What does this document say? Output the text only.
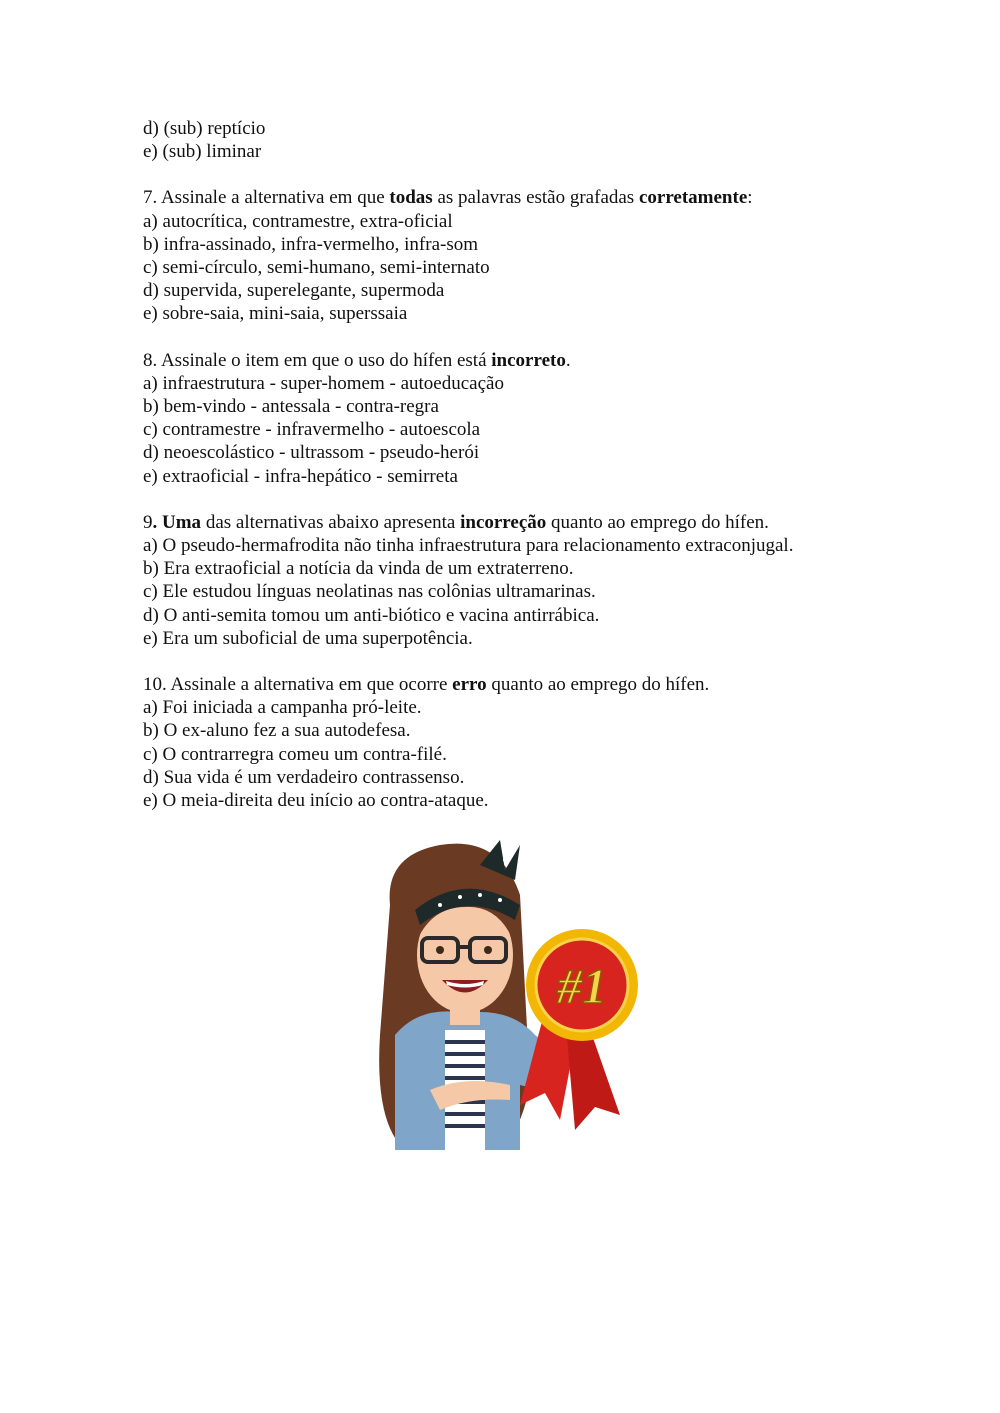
d) (sub) reptício

e) (sub) liminar

7. Assinale a alternativa em que todas as palavras estão grafadas corretamente:

a) autocrítica, contramestre, extra-oficial

b) infra-assinado, infra-vermelho, infra-som

c) semi-círculo, semi-humano, semi-internato

d) supervida, superelegante, supermoda

e) sobre-saia, mini-saia, superssaia

8. Assinale o item em que o uso do hífen está incorreto.

a) infraestrutura - super-homem - autoeducação

b) bem-vindo - antessala - contra-regra

c) contramestre - infravermelho - autoescola

d) neoescolástico - ultrassom - pseudo-herói

e) extraoficial - infra-hepático - semirreta

9. Uma das alternativas abaixo apresenta incorreção quanto ao emprego do hífen.

a) O pseudo-hermafrodita não tinha infraestrutura para relacionamento extraconjugal.

b) Era extraoficial a notícia da vinda de um extraterreno.

c) Ele estudou línguas neolatinas nas colônias ultramarinas.

d) O anti-semita tomou um anti-biótico e vacina antirrábica.

e) Era um suboficial de uma superpotência.

10. Assinale a alternativa em que ocorre erro quanto ao emprego do hífen.

a) Foi iniciada a campanha pró-leite.

b) O ex-aluno fez a sua autodefesa.

c) O contrarregra comeu um contra-filé.

d) Sua vida é um verdadeiro contrassenso.

e) O meia-direita deu início ao contra-ataque.

#1
